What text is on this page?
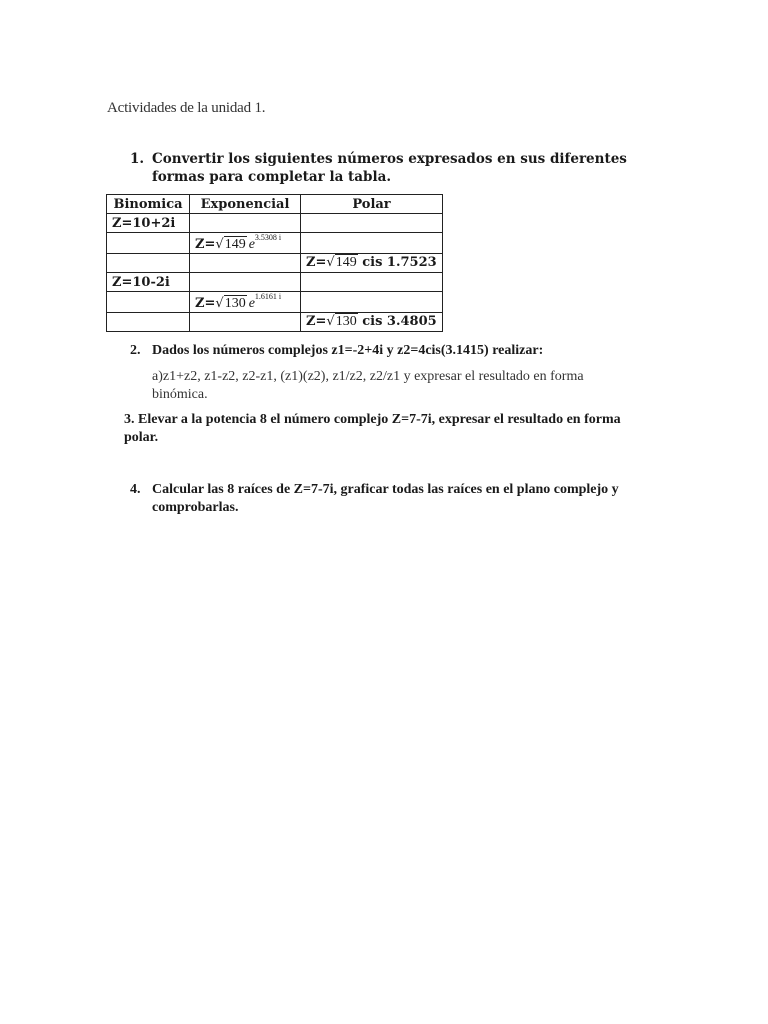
Actividades de la unidad 1.
1. Convertir los siguientes números expresados en sus diferentes formas para completar la tabla.
Binomica	Exponencial	Polar
Z=10+2i		
	Z=√149 $e^{3.5308 i}$	
		Z=√149 cis 1.7523
Z=10-2i		
	Z=√130 $e^{1.6161 i}$	
		Z=√130 cis 3.4805
2. Dados los números complejos z1=-2+4i y z2=4cis(3.1415) realizar:
a)z1+z2, z1-z2, z2-z1, (z1)(z2), z1/z2, z2/z1 y expresar el resultado en forma binómica.
3. Elevar a la potencia 8 el número complejo Z=7-7i, expresar el resultado en forma polar.
4. Calcular las 8 raíces de Z=7-7i, graficar todas las raíces en el plano complejo y comprobarlas.
